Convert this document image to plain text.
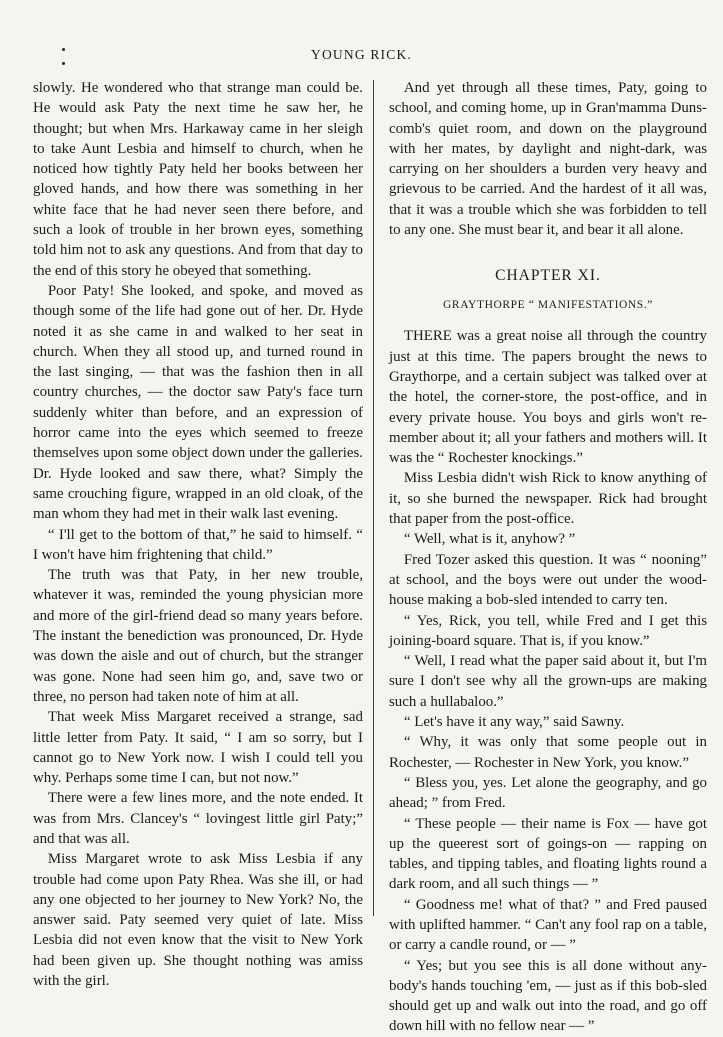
YOUNG RICK.

slowly. He wondered who that strange man could be. He would ask Paty the next time he saw her, he thought; but when Mrs. Harkaway came in her sleigh to take Aunt Lesbia and himself to church, when he noticed how tightly Paty held her books between her gloved hands, and how there was something in her white face that he had never seen there before, and such a look of trouble in her brown eyes, something told him not to ask any questions. And from that day to the end of this story he obeyed that something.

Poor Paty! She looked, and spoke, and moved as though some of the life had gone out of her. Dr. Hyde noted it as she came in and walked to her seat in church. When they all stood up, and turned round in the last singing, — that was the fashion then in all country churches, — the doctor saw Paty's face turn suddenly whiter than before, and an expression of horror came into the eyes which seemed to freeze themselves upon some object down under the galleries. Dr. Hyde looked and saw there, what? Simply the same crouching figure, wrapped in an old cloak, of the man whom they had met in their walk last evening.

“ I'll get to the bottom of that,” he said to himself. “ I won't have him frightening that child.”

The truth was that Paty, in her new trouble, whatever it was, reminded the young physician more and more of the girl-friend dead so many years before. The instant the benediction was pronounced, Dr. Hyde was down the aisle and out of church, but the stranger was gone. None had seen him go, and, save two or three, no person had taken note of him at all.

That week Miss Margaret received a strange, sad little letter from Paty. It said, “ I am so sorry, but I cannot go to New York now. I wish I could tell you why. Perhaps some time I can, but not now.”

There were a few lines more, and the note ended. It was from Mrs. Clancey's “ lovingest little girl Paty;” and that was all.

Miss Margaret wrote to ask Miss Lesbia if any trouble had come upon Paty Rhea. Was she ill, or had any one objected to her journey to New York? No, the answer said. Paty seemed very quiet of late. Miss Lesbia did not even know that the visit to New York had been given up. She thought nothing was amiss with the girl.

And yet through all these times, Paty, going to school, and coming home, up in Gran'mamma Duns-comb's quiet room, and down on the playground with her mates, by daylight and night-dark, was carrying on her shoulders a burden very heavy and grievous to be carried. And the hardest of it all was, that it was a trouble which she was forbidden to tell to any one. She must bear it, and bear it all alone.

CHAPTER XI.
GRAYTHORPE “ MANIFESTATIONS.”

THERE was a great noise all through the country just at this time. The papers brought the news to Graythorpe, and a certain subject was talked over at the hotel, the corner-store, the post-office, and in every private house. You boys and girls won't re-member about it; all your fathers and mothers will. It was the “ Rochester knockings.”

Miss Lesbia didn't wish Rick to know anything of it, so she burned the newspaper. Rick had brought that paper from the post-office.

“ Well, what is it, anyhow? ”

Fred Tozer asked this question. It was “ nooning” at school, and the boys were out under the wood-house making a bob-sled intended to carry ten.

“ Yes, Rick, you tell, while Fred and I get this joining-board square. That is, if you know.”

“ Well, I read what the paper said about it, but I'm sure I don't see why all the grown-ups are making such a hullabaloo.”

“ Let's have it any way,” said Sawny.

“ Why, it was only that some people out in Rochester, — Rochester in New York, you know.”

“ Bless you, yes. Let alone the geography, and go ahead; ” from Fred.

“ These people — their name is Fox — have got up the queerest sort of goings-on — rapping on tables, and tipping tables, and floating lights round a dark room, and all such things — ”

“ Goodness me! what of that? ” and Fred paused with uplifted hammer. “ Can't any fool rap on a table, or carry a candle round, or — ”

“ Yes; but you see this is all done without any-body's hands touching 'em, — just as if this bob-sled should get up and walk out into the road, and go off down hill with no fellow near — ”
